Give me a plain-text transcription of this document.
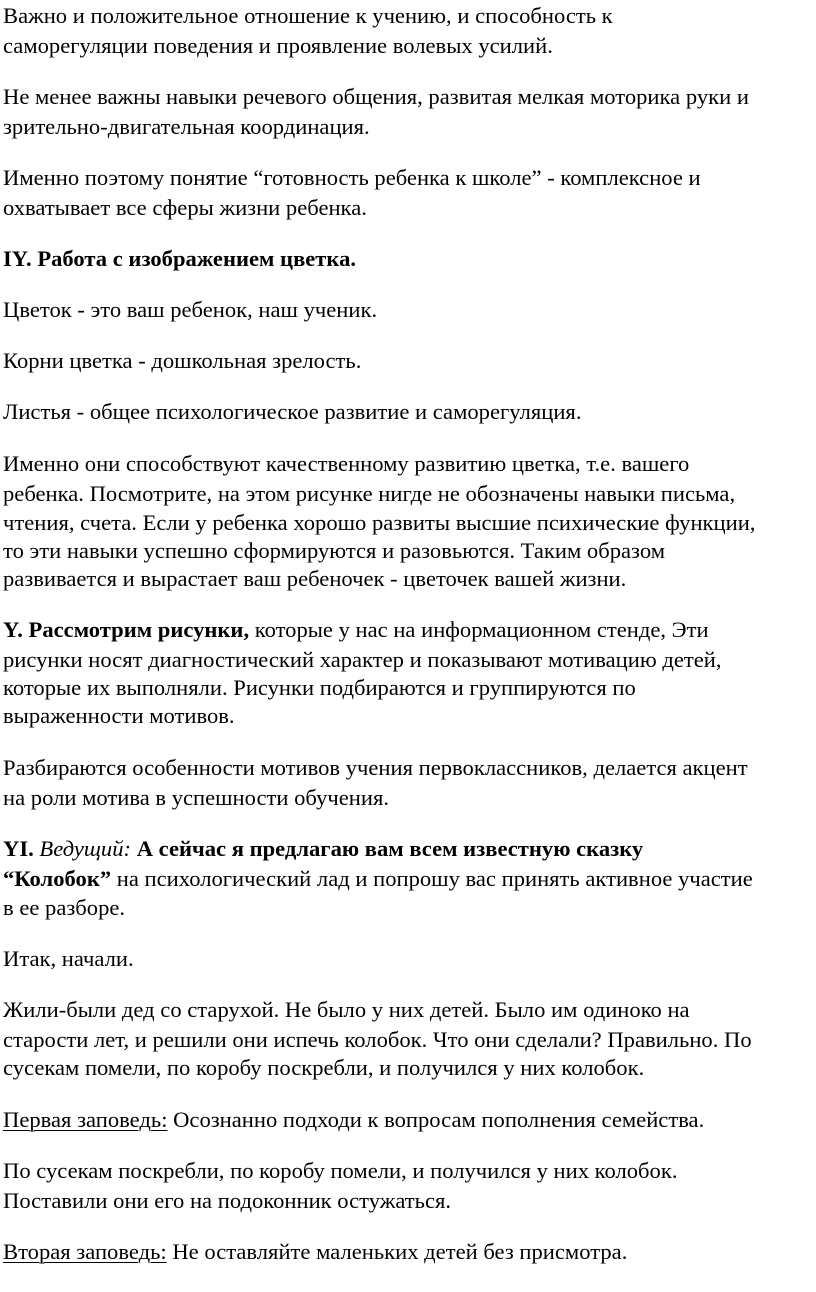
Важно и положительное отношение к учению, и способность к
саморегуляции поведения и проявление волевых усилий.
Не менее важны навыки речевого общения, развитая мелкая моторика руки и
зрительно-двигательная координация.
Именно поэтому понятие “готовность ребенка к школе” - комплексное и
охватывает все сферы жизни ребенка.
IY. Работа с изображением цветка.
Цветок - это ваш ребенок, наш ученик.
Корни цветка - дошкольная зрелость.
Листья - общее психологическое развитие и саморегуляция.
Именно они способствуют качественному развитию цветка, т.е. вашего
ребенка. Посмотрите, на этом рисунке нигде не обозначены навыки письма,
чтения, счета. Если у ребенка хорошо развиты высшие психические функции,
то эти навыки успешно сформируются и разовьются. Таким образом
развивается и вырастает ваш ребеночек - цветочек вашей жизни.
Y. Рассмотрим рисунки, которые у нас на информационном стенде, Эти
рисунки носят диагностический характер и показывают мотивацию детей,
которые их выполняли. Рисунки подбираются и группируются по
выраженности мотивов.
Разбираются особенности мотивов учения первоклассников, делается акцент
на роли мотива в успешности обучения.
YI. Ведущий: А сейчас я предлагаю вам всем известную сказку
“Колобок” на психологический лад и попрошу вас принять активное участие
в ее разборе.
Итак, начали.
Жили-были дед со старухой. Не было у них детей. Было им одиноко на
старости лет, и решили они испечь колобок. Что они сделали? Правильно. По
сусекам помели, по коробу поскребли, и получился у них колобок.
Первая заповедь: Осознанно подходи к вопросам пополнения семейства.
По сусекам поскребли, по коробу помели, и получился у них колобок.
Поставили они его на подоконник остужаться.
Вторая заповедь: Не оставляйте маленьких детей без присмотра.
